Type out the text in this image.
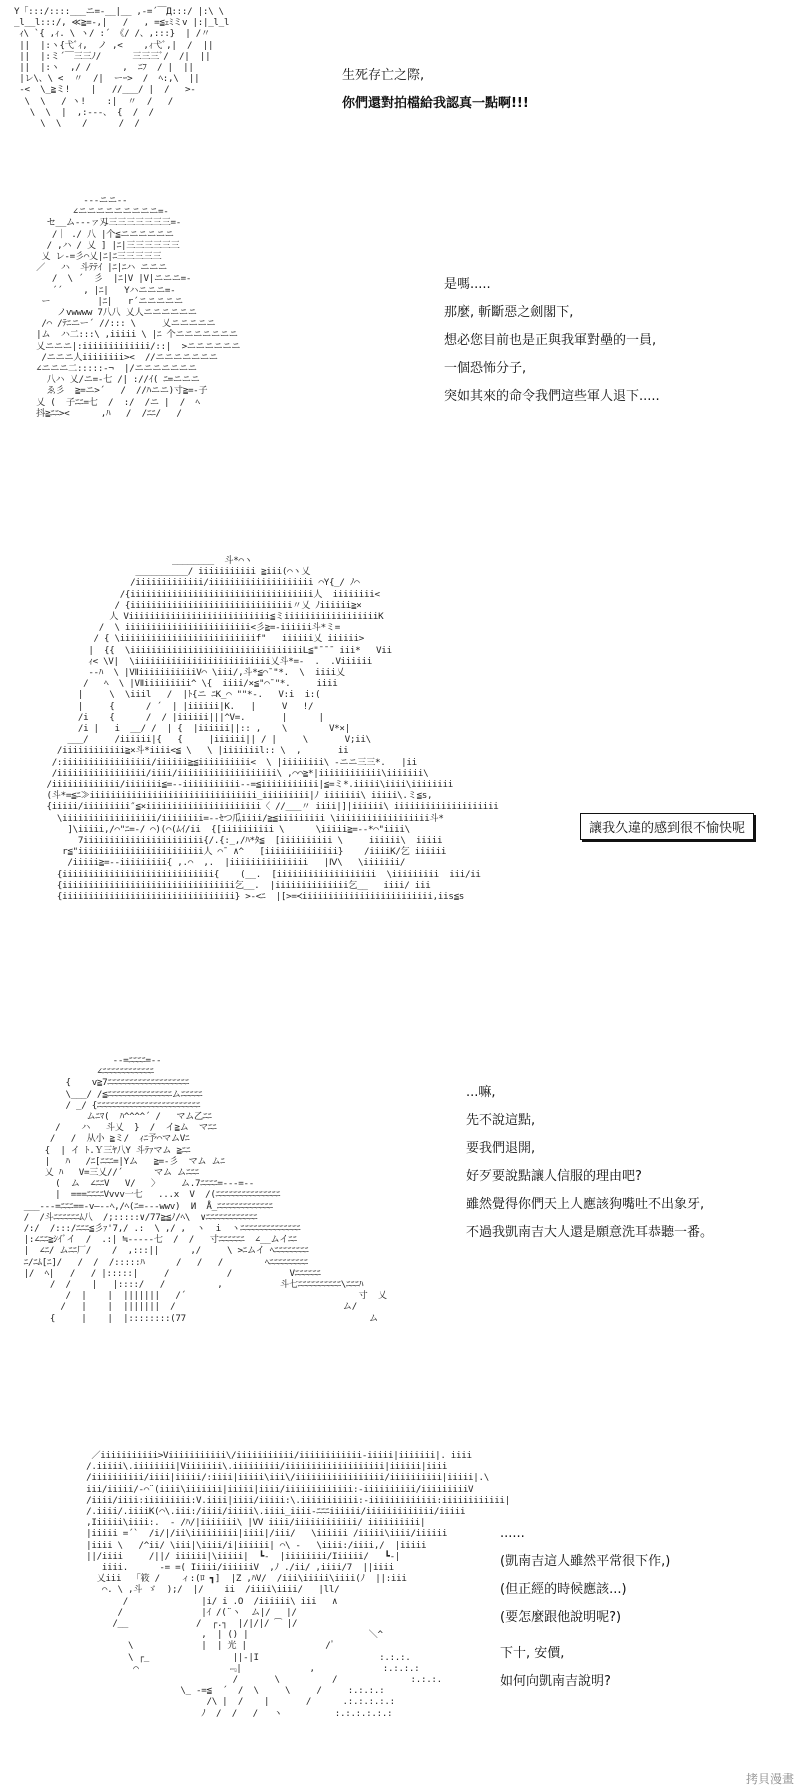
Y「:::/::::___ニ=-__|__ ,-=´￣Д:::/ |:\ \
_l__l:::/, ≪≧=-,|   /   , =≦ｪﾐミv |:|_l_l
ｨ\ `{ ,ｨ. \ ヽ/ :´ 《/ /、,:::}  | /〃
||  |:ヽ{弋ﾞｨ,  ノ ,<    ,ｨ弋ﾞ,|  /  ||
||  |:ミ´￣三三ﾉ/      三三三ﾞ/  /|  ||
||  |:ヽ  ,/ /      ,  ﾆﾌ  / |  ||
|レ\、\ <  〃  /|  ーｰ>  /  ﾍ:,\  ||
-<  \_≧ミ!    |   //___/ |  /   >-
\  \   / ヽ!    :|  〃  /   /
\  \  |  ,:---、 {  /  /
\  \    /      /  /
生死存亡之際,
你們還對拍檔給我認真一點啊!!!
---ニニ--
∠ニニニニニニニニニ=-
セ__ム---ァ刄三三三三三三三=-
/｜ ./ 八 |个≦ニニニニニニ
/ ,ハ / 乂 ] |ﾆ|三三三三三三
乂 レ-=彡⌒乂|ﾆ|ﾆ三三三三三
／   ハ  斗ﾃﾃｲ |ﾆ|ﾆハ ニニニ
/  \ ´  彡  |ﾆ|V |V|ニニニ=-
´´    , |ﾆ|   Yハニニニ=-
ー         |ﾆ|   r´ニニニニニ
ノvwwww 7八八 乂人ニニニニニニ
/⌒ /ﾃﾆニー´ //::: \     乂ニニニニニ
|ム  ハ二:::\ ,iiiii \ |ﾆ 个ニニニニニニニ
乂ニニニ|:iiiiiiiiiiiii/::|  >ニニニニニニ
/ニニニ人iiiiiiii><  //ニニニニニニニ
∠ニニニ二:::::-¬  |/ニニニニニニニ
八ハ 乂/ニ=-七 /| ://ｲ( ﾆ=ニニニ
ゑ彡  ≧=ニ>´   /  //ﾊニニ)寸≧=-子
乂 (  子ﾆﾆ=七  /  :/  /ニ |  /  ﾍ
抖≧ﾆﾆ><      ,ﾊ   /  /ﾆﾆ/   /
是嗎.....
那麼, 斬斷惡之劍閣下,
想必您目前也是正與我軍對壘的一員,
一個恐怖分子,
突如其來的命令我們這些軍人退下.....
________  斗*⌒ヽ
__________/ iiiiiiiiiii ≧iii(⌒ヽ乂
/iiiiiiiiiiiii/iiiiiiiiiiiiiiiiiiii ⌒Y{_/ ﾉ⌒
/{iiiiiiiiiiiiiiiiiiiiiiiiiiiiiiiiiii人  iiiiiiii<
/ {iiiiiiiiiiiiiiiiiiiiiiiiiiiiiii〃乂 ﾉiiiiii≧×
人 Viiiiiiiiiiiiiiiiiiiiiiiiiii≦ミiiiiiiiiiiiiiiiiiiK
/  \ iiiiiiiiiiiiiiiiiiiiiiii<彡≧=-iiiiii斗*ミ=
/ { \iiiiiiiiiiiiiiiiiiiiiiiiiif"   iiiiii乂 iiiiii>
|  {{  \iiiiiiiiiiiiiiiiiiiiiiiiiiiiiiiiiL≦"¯¯¯ iii*   Vii
ｨ< \V|  \iiiiiiiiiiiiiiiiiiiiiiiiii乂斗*=-  .  .Viiiiii
--ﾊ  \ |VⅡiiiiiiiiiiiV⌒ \iii/,斗*≦⌒¯"*.  \  iiii乂
/   ﾍ  \ |VⅡiiiiiiiii^ \{  iiii/×≦"⌒¯"*.     iiii
|     \  \iiil   /  |ﾄ{ニ ﾆK_⌒ ""*‐.   V:i  i:(
|     {      / ´  | |iiiiii|K.   |     V   !/
/i    {      /  / |iiiiii|||^V=.       |      |
/i |   i  __/ /  | {  |iiiiii||:: ,    \        V*×|
___/     /iiiiii|{   {     |iiiiii|| / |     \       V;ii\
/iiiiiiiiiiii≧×斗*iiii<≦ \   \ |iiiiiiil:: \  ,       ii
/:iiiiiiiiiiiiiiiii/iiiiii≧≦iiiiiiiiii<  \ |iiiiiiii\ -ニニ三三*.   |ii
/iiiiiiiiiiiiiiiii/iiii/iiiiiiiiiiiiiiiiiii\ ,⌒⌒≧*|iiiiiiiiiiii\iiiiiii\
/iiiiiiiiiiiii/iiiiiii≦=--iiiiiiiiiii--=≦iiiiiiiiiii|≦=ミ*.iiiii\iiii\iiiiiiii
(斗*=≦ﾆ≫iiiiiiiiiiiiiiiiiiiiiiiiiiiiiiii_iiiiiiiii|ﾉ iiiiiii\ iiiii\.ミ≦s,
{iiiii/iiiiiiiii″≦×iiiiiiiiiiiiiiiiiiiiii〈 //___〃 iiii|]|iiiiii\ iiiiiiiiiiiiiiiiiiii
\iiiiiiiiiiiiiiiiii/iiiiiiii=--ｾつ瓜iiii/≧≦iiiiiiiii \iiiiiiiiiiiiiiiiii斗*
]\iiiii,/⌒"ﾆ=-/ ⌒)(⌒(ﾑｲ/ii  {[iiiiiiiiii \      \iiiii≧=--*⌒"iiii\
7iiiiiiiiiiiiiiiiiiiiiii{/.{:_,/ﾊ*ﾀ≦  [iiiiiiiiii \     iiiiii\  iiiii
r≦"iiiiiiiiiiiiiiiiiiiiiiii人 ⌒¯ ∧^   [iiiiiiiiiiiiii}    /iiiiK/乞 iiiiii
/iiiii≧=--iiiiiiiii{ ,.⌒  ,.  |iiiiiiiiiiiiiii   |Ⅳ\   \iiiiiii/
{iiiiiiiiiiiiiiiiiiiiiiiiiiiii{    (__.  [iiiiiiiiiiiiiiiiiii  \iiiiiiiii  iii/ii
{iiiiiiiiiiiiiiiiiiiiiiiiiiiiiiiii乞__.  |iiiiiiiiiiiiii乞__   iiii/ iii
{iiiiiiiiiiiiiiiiiiiiiiiiiiiiiiiii} >-<ﾆ  |[>=≺iiiiiiiiiiiiiiiiiiiiiiiii,iis≦s
讓我久違的感到很不愉快呢
--=ﾆﾆﾆﾆ=--
∠ﾆﾆﾆﾆﾆﾆﾆﾆﾆﾆﾆﾆ
{    v≧7ﾆﾆﾆﾆﾆﾆﾆﾆﾆﾆﾆﾆﾆﾆﾆﾆﾆﾆﾆ
\___/ /≦ﾆﾆﾆﾆﾆﾆﾆﾆﾆﾆﾆﾆﾆﾆﾆムﾆﾆﾆﾆﾆ
/ _/ {ﾆﾆﾆﾆﾆﾆﾆﾆﾆﾆﾆﾆﾆﾆﾆﾆﾆﾆﾆﾆﾆﾆﾆﾆ
ムﾆﾏ(  ﾊ^^^^´ /   マム乙ﾆﾆ
/    ハ   斗乂  }  /  イ≧ム  マﾆﾆ
/   /  从小 ≧ミ/  ｨﾆ予⌒マムVﾆ
{  | イ ﾄ.Ｙ三ﾔ八Y 斗ﾃｧマム ≧ﾆﾆ
|   ﾊ   /ﾆ[ﾆﾆﾆ=|Yム   ≧=-彡  マム ムﾆ
乂 ﾊ   V=三乂//´      マム ムﾆﾆﾆ
(  ム  ∠ﾆﾆV   V/   〉    ム.7ﾆﾆﾆﾆ=---=--
|  ===ﾆﾆﾆﾆVvvv一七   ...x  V  /(ﾆﾆﾆﾆﾆﾆﾆﾆﾆﾆﾆﾆﾆﾆﾆ
___---=ﾆﾆﾆ==-v―--ﾍ,/ﾍ(ﾆ=---wwv)  И  Å_ﾆﾆﾆﾆﾆﾆﾆﾆﾆﾆﾆﾆﾆ
/  /斗ﾆﾆﾆﾆﾆﾆﾑ八  /;:::::∨/77≧≦ﾉ/ﾍ\  ∨ﾆﾆﾆﾆﾆﾆﾆﾆﾆﾆﾆﾆ
/:/  /:::/ﾆﾆﾆ≦彡ｧ'7,/ .:  \ ,/ ,  ヽ  i  ヽﾆﾆﾆﾆﾆﾆﾆﾆﾆﾆﾆﾆﾆﾆ
|:∠ﾆﾆ≧ｼｲﾞイ  /  .:| ≒-----七  /  /   寸ﾆﾆﾆﾆﾆﾆ  ∠__ムイﾆﾆ
|  ∠ﾆ/ ムﾆﾆ厂/    /  ,:::||      ,/     \ >ﾆムイ ﾍﾆﾆﾆﾆﾆﾆﾆﾆ
ﾆ/ﾆﾑ[ﾆ]/   /  /  /:::::ﾊ      /   /   /        ﾍﾆﾆﾆﾆﾆﾆﾆﾆﾆ
|/  ﾍ|   /   / |:::::|     /           /           Vﾆﾆﾆﾆﾆﾆ
/  /    |   |::::/   /          ,           斗七ﾆﾆﾆﾆﾆﾆﾆﾆﾆﾆ\ﾆﾆﾆﾊ
/  |    |  |||||||   /´                                 寸  乂
/   |    |  |||||||  /                                ム/
{     |    |  |::::::::(77                                   ム
...嘛,
先不說這點,
要我們退開,
好歹要說點讓人信服的理由吧?
雖然覺得你們天上人應該狗嘴吐不出象牙,
不過我凱南吉大人還是願意洗耳恭聽一番。
／iiiiiiiiiii>Viiiiiiiiiii\/iiiiiiiiiii/iiiiiiiiiiii-iiiii|iiiiiii|. iiii
/.iiiii\.iiiiiiii|Viiiiiii\.iiiiiiiii/iiiiiiiiiiiiiiiiiii|iiiiii|iiii
/iiiiiiiiii/iiii|iiiii/:iiii|iiiii\iii\/iiiiiiiiiiiiiiiii/iiiiiiiiii|iiiii|.\
iii/iiiii/-⌒¨(iiii\iiiiiii|iiiii|iiii/iiiiiiiiiiiii:-iiiiiiiiii/iiiiiiiiiV
/iiii/iiii:iiiiiiiii:V.iiii|iiii/iiiii:\.iiiiiiiiiii:-iiiiiiiiiiiii:iiiiiiiiiiii|
/.iiii/.iiiiK(⌒\.iii:/iiii/iiiii\.iiii_iiii-ﾆﾆﾆiiiiii/iiiiiiiiiiiii/iiiii
,Iiiiii\iiii:.  - /ﾊ/|iiiiiii\ |VV iiii/iiiiiiiiiiii/ iiiiiiiiii|
|iiiii =´`  /i/|/ii\iiiiiiiii|iiii|/iii/   \iiiiii /iiiii\iiii/iiiiii
|iiii \   /^ii/ \iii|\iiii/i|iiiiii| ⌒\ -   \iiii:/iiii,/  |iiiii
||/iiii     /||/ iiiiii|\iiiii|  ┗-  |iiiiiiii/Iiiiii/   ┗-|
iiii.      -= =( Iiiii/iiiiiiV  ,ﾉ ./ii/ ,iiii/7  ||iiii
乂iii  「筱 /    ィ:(ﾛ ┓]  |Z ,ﾊV/  /iii\iiiii\iiii(ﾉ  ||:iii
⌒. \ ,斗 ゞ  );/  |/    ii  /iiii\iiii/   |ll/
/              |i/ i .O  /iiiiii\ iii   ∧
/               |ｲ /(¨ヽ  ム|/   |/
/__             /  ┌.┐  |/|/|/ ⁀ |/
,  | () |                       ＼^
\             |  | 光 |               /ﾟ
\ ┌_                ||-|I                       :.:.:.
⌒                 ﹃|             ,             :.:.:.:
/       \          /              :.:.:.
\_ -=≦  ´  /  \     \     /     :.:.:.:
/\ |  /    |       /      .:.:.:.:.:
ﾉ  /  /   /   ヽ          :.:.:.:.:.:
......
(凱南吉這人雖然平常很下作,)
(但正經的時候應該...)
(要怎麼跟他說明呢?)
下十, 安價,
如何向凱南吉說明?
拷貝漫畫
